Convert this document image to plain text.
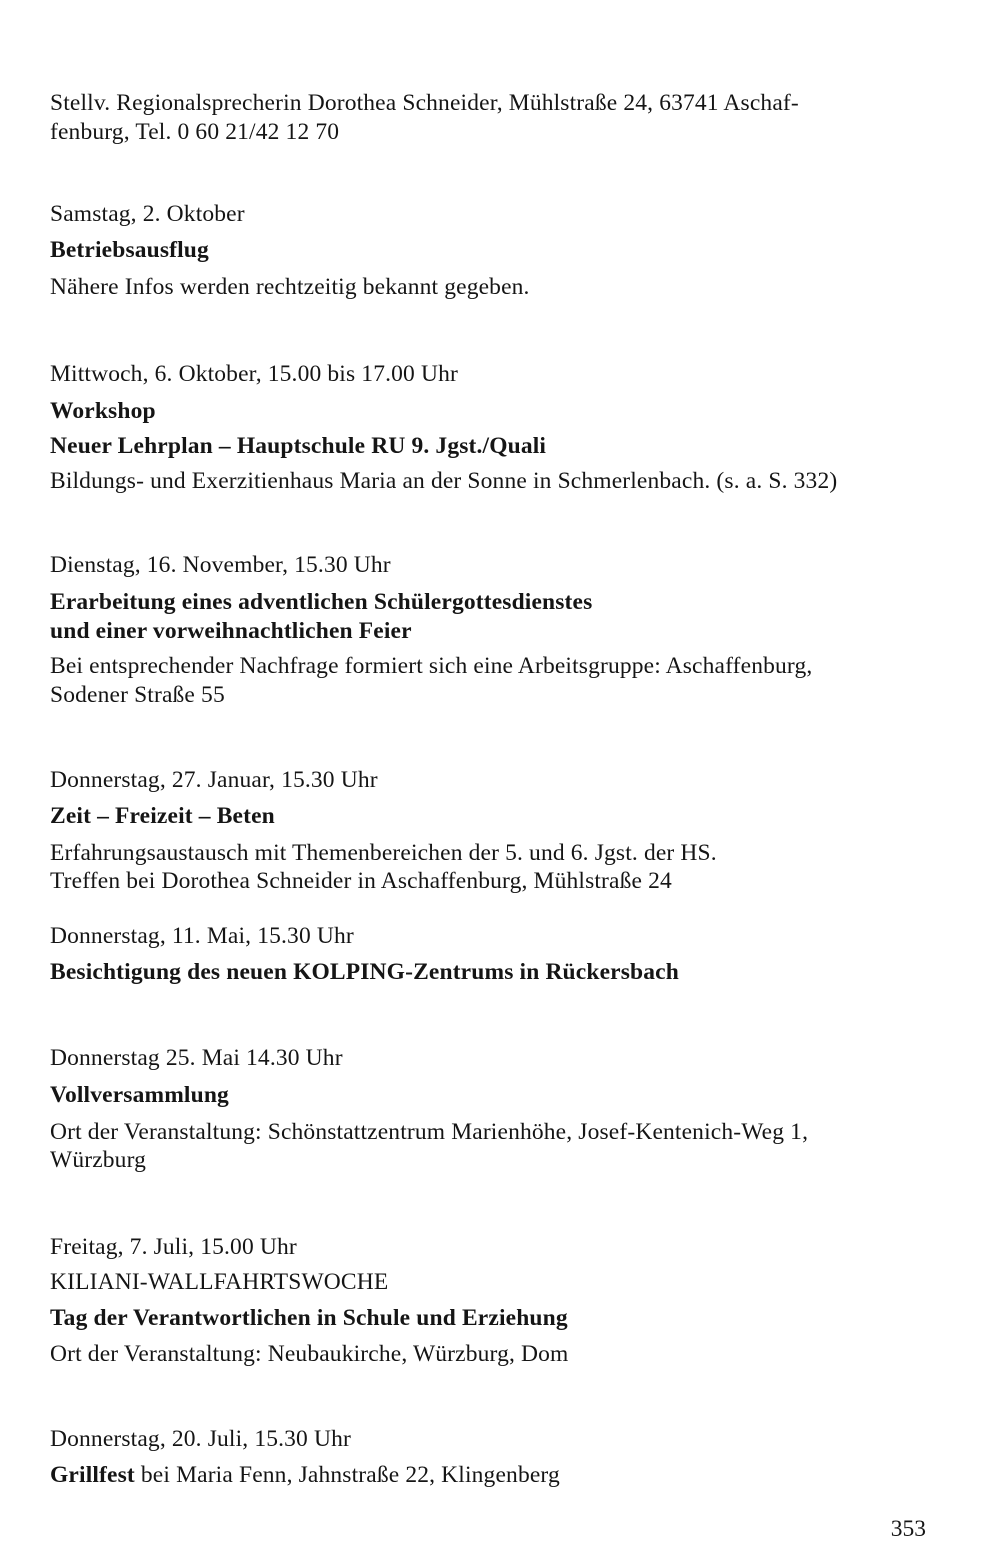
Stellv. Regionalsprecherin Dorothea Schneider, Mühlstraße 24, 63741 Aschaf-

fenburg, Tel. 0 60 21/42 12 70

Samstag, 2. Oktober

Betriebsausflug

Nähere Infos werden rechtzeitig bekannt gegeben.

Mittwoch, 6. Oktober, 15.00 bis 17.00 Uhr

Workshop

Neuer Lehrplan – Hauptschule RU 9. Jgst./Quali

Bildungs- und Exerzitienhaus Maria an der Sonne in Schmerlenbach. (s. a. S. 332)

Dienstag, 16. November, 15.30 Uhr

Erarbeitung eines adventlichen Schülergottesdienstes

und einer vorweihnachtlichen Feier

Bei entsprechender Nachfrage formiert sich eine Arbeitsgruppe: Aschaffenburg,

Sodener Straße 55

Donnerstag, 27. Januar, 15.30 Uhr

Zeit – Freizeit – Beten

Erfahrungsaustausch mit Themenbereichen der 5. und 6. Jgst. der HS.

Treffen bei Dorothea Schneider in Aschaffenburg, Mühlstraße 24

Donnerstag, 11. Mai, 15.30 Uhr

Besichtigung des neuen KOLPING-Zentrums in Rückersbach

Donnerstag 25. Mai 14.30 Uhr

Vollversammlung

Ort der Veranstaltung: Schönstattzentrum Marienhöhe, Josef-Kentenich-Weg 1,

Würzburg

Freitag, 7. Juli, 15.00 Uhr

KILIANI-WALLFAHRTSWOCHE

Tag der Verantwortlichen in Schule und Erziehung

Ort der Veranstaltung: Neubaukirche, Würzburg, Dom

Donnerstag, 20. Juli, 15.30 Uhr

Grillfest bei Maria Fenn, Jahnstraße 22, Klingenberg

353
